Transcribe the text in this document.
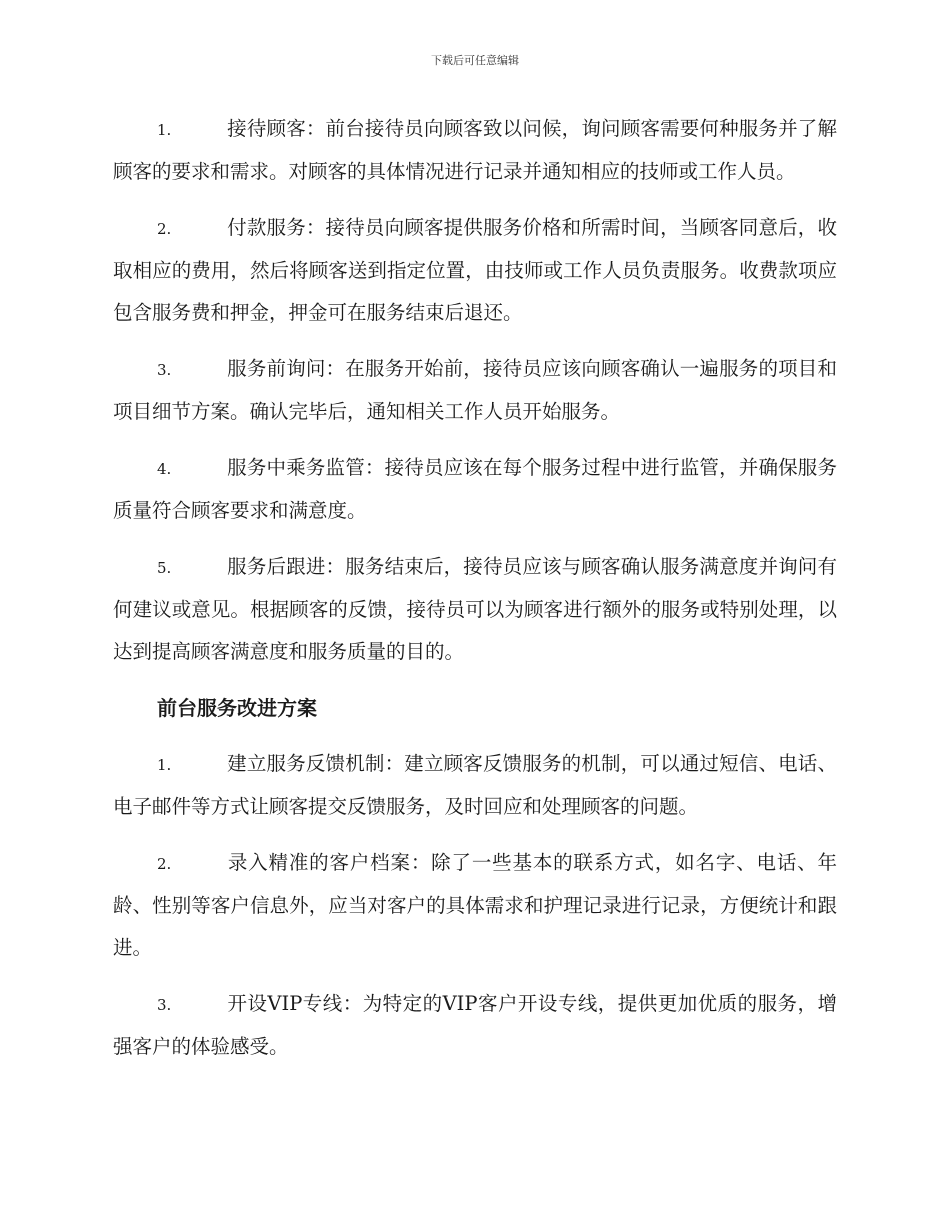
下载后可任意编辑

1.	接待顾客：前台接待员向顾客致以问候，询问顾客需要何种服务并了解顾客的要求和需求。对顾客的具体情况进行记录并通知相应的技师或工作人员。

2.	付款服务：接待员向顾客提供服务价格和所需时间，当顾客同意后，收取相应的费用，然后将顾客送到指定位置，由技师或工作人员负责服务。收费款项应包含服务费和押金，押金可在服务结束后退还。

3.	服务前询问：在服务开始前，接待员应该向顾客确认一遍服务的项目和项目细节方案。确认完毕后，通知相关工作人员开始服务。

4.	服务中乘务监管：接待员应该在每个服务过程中进行监管，并确保服务质量符合顾客要求和满意度。

5.	服务后跟进：服务结束后，接待员应该与顾客确认服务满意度并询问有何建议或意见。根据顾客的反馈，接待员可以为顾客进行额外的服务或特别处理，以达到提高顾客满意度和服务质量的目的。

前台服务改进方案

1.	建立服务反馈机制：建立顾客反馈服务的机制，可以通过短信、电话、电子邮件等方式让顾客提交反馈服务，及时回应和处理顾客的问题。

2.	录入精准的客户档案：除了一些基本的联系方式，如名字、电话、年龄、性别等客户信息外，应当对客户的具体需求和护理记录进行记录，方便统计和跟进。

3.	开设VIP专线：为特定的VIP客户开设专线，提供更加优质的服务，增强客户的体验感受。
